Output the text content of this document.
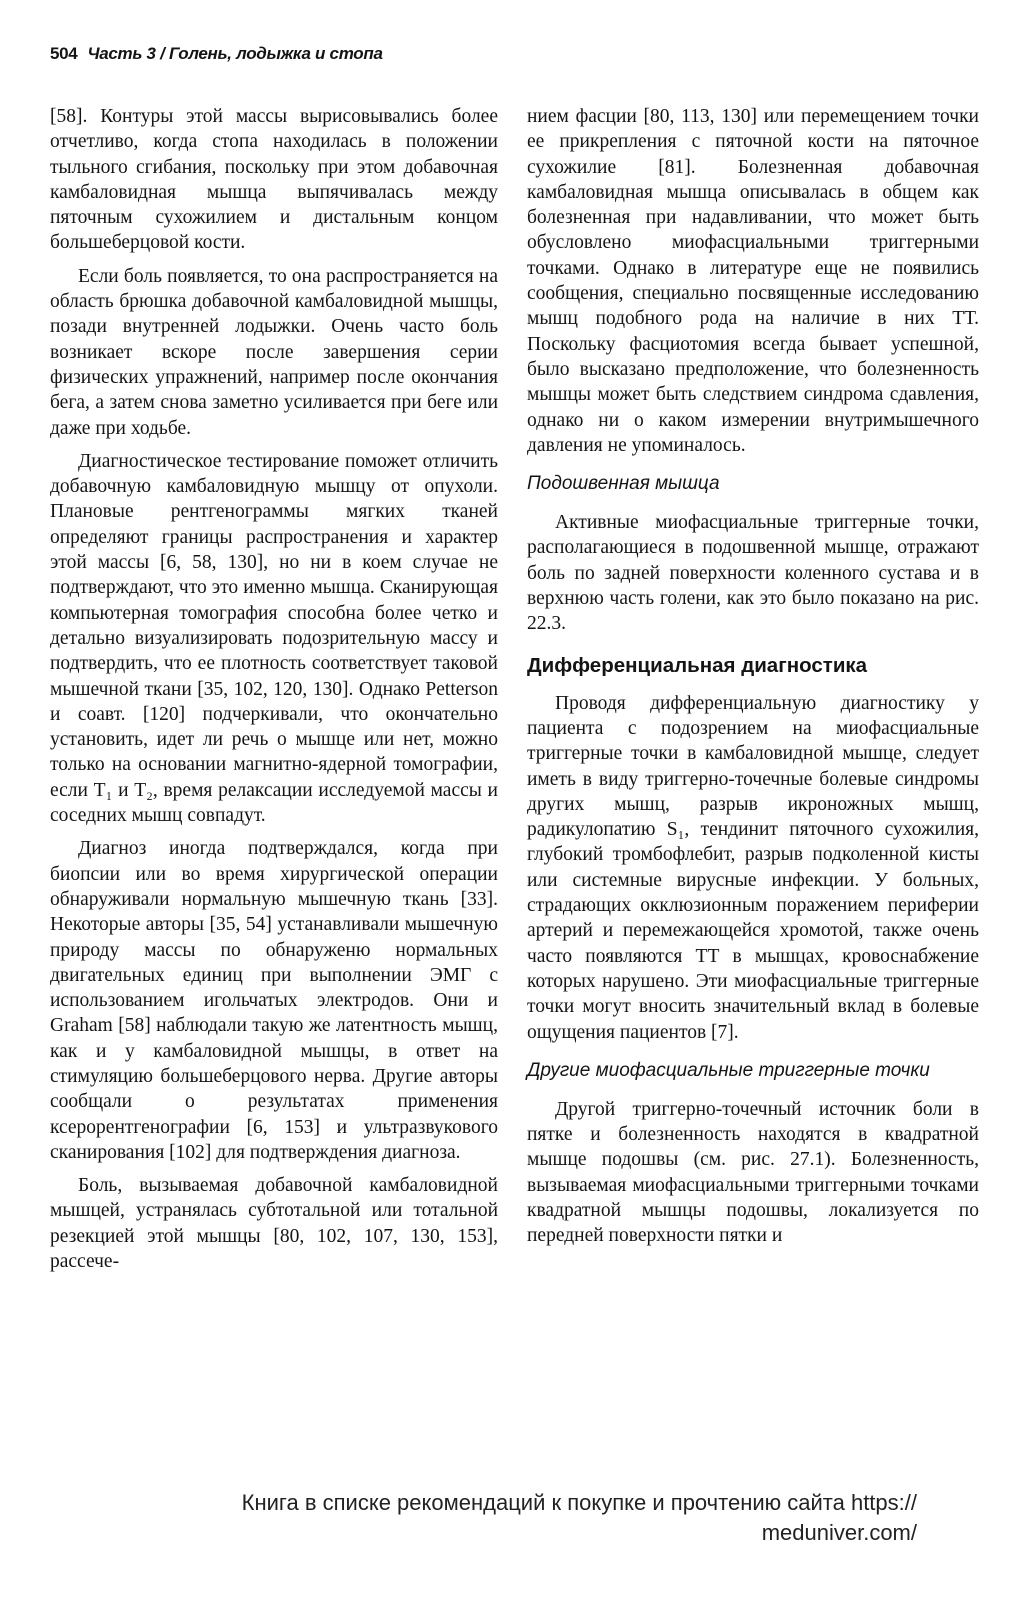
504 Часть 3 / Голень, лодыжка и стопа

[58]. Контуры этой массы вырисовывались более отчетливо, когда стопа находилась в положении тыльного сгибания, поскольку при этом добавочная камбаловидная мышца выпячивалась между пяточным сухожилием и дистальным концом большеберцовой кости.

Если боль появляется, то она распространяется на область брюшка добавочной камбаловидной мышцы, позади внутренней лодыжки. Очень часто боль возникает вскоре после завершения серии физических упражнений, например после окончания бега, а затем снова заметно усиливается при беге или даже при ходьбе.

Диагностическое тестирование поможет отличить добавочную камбаловидную мышцу от опухоли. Плановые рентгенограммы мягких тканей определяют границы распространения и характер этой массы [6, 58, 130], но ни в коем случае не подтверждают, что это именно мышца. Сканирующая компьютерная томография способна более четко и детально визуализировать подозрительную массу и подтвердить, что ее плотность соответствует таковой мышечной ткани [35, 102, 120, 130]. Однако Petterson и соавт. [120] подчеркивали, что окончательно установить, идет ли речь о мышце или нет, можно только на основании магнитно-ядерной томографии, если T₁ и T₂, время релаксации исследуемой массы и соседних мышц совпадут.

Диагноз иногда подтверждался, когда при биопсии или во время хирургической операции обнаруживали нормальную мышечную ткань [33]. Некоторые авторы [35, 54] устанавливали мышечную природу массы по обнаруженю нормальных двигательных единиц при выполнении ЭМГ с использованием игольчатых электродов. Они и Graham [58] наблюдали такую же латентность мышц, как и у камбаловидной мышцы, в ответ на стимуляцию большеберцового нерва. Другие авторы сообщали о результатах применения ксерорентгенографии [6, 153] и ультразвукового сканирования [102] для подтверждения диагноза.

Боль, вызываемая добавочной камбаловидной мышцей, устранялась субтотальной или тотальной резекцией этой мышцы [80, 102, 107, 130, 153], рассече-

нием фасции [80, 113, 130] или перемещением точки ее прикрепления с пяточной кости на пяточное сухожилие [81]. Болезненная добавочная камбаловидная мышца описывалась в общем как болезненная при надавливании, что может быть обусловлено миофасциальными триггерными точками. Однако в литературе еще не появились сообщения, специально посвященные исследованию мышц подобного рода на наличие в них ТТ. Поскольку фасциотомия всегда бывает успешной, было высказано предположение, что болезненность мышцы может быть следствием синдрома сдавления, однако ни о каком измерении внутримышечного давления не упоминалось.

Подошвенная мышца

Активные миофасциальные триггерные точки, располагающиеся в подошвенной мышце, отражают боль по задней поверхности коленного сустава и в верхнюю часть голени, как это было показано на рис. 22.3.

Дифференциальная диагностика

Проводя дифференциальную диагностику у пациента с подозрением на миофасциальные триггерные точки в камбаловидной мышце, следует иметь в виду триггерно-точечные болевые синдромы других мышц, разрыв икроножных мышц, радикулопатию S₁, тендинит пяточного сухожилия, глубокий тромбофлебит, разрыв подколенной кисты или системные вирусные инфекции. У больных, страдающих окклюзионным поражением периферии артерий и перемежающейся хромотой, также очень часто появляются ТТ в мышцах, кровоснабжение которых нарушено. Эти миофасциальные триггерные точки могут вносить значительный вклад в болевые ощущения пациентов [7].

Другие миофасциальные триггерные точки

Другой триггерно-точечный источник боли в пятке и болезненность находятся в квадратной мышце подошвы (см. рис. 27.1). Болезненность, вызываемая миофасциальными триггерными точками квадратной мышцы подошвы, локализуется по передней поверхности пятки и

Книга в списке рекомендаций к покупке и прочтению сайта https://
meduniver.com/
